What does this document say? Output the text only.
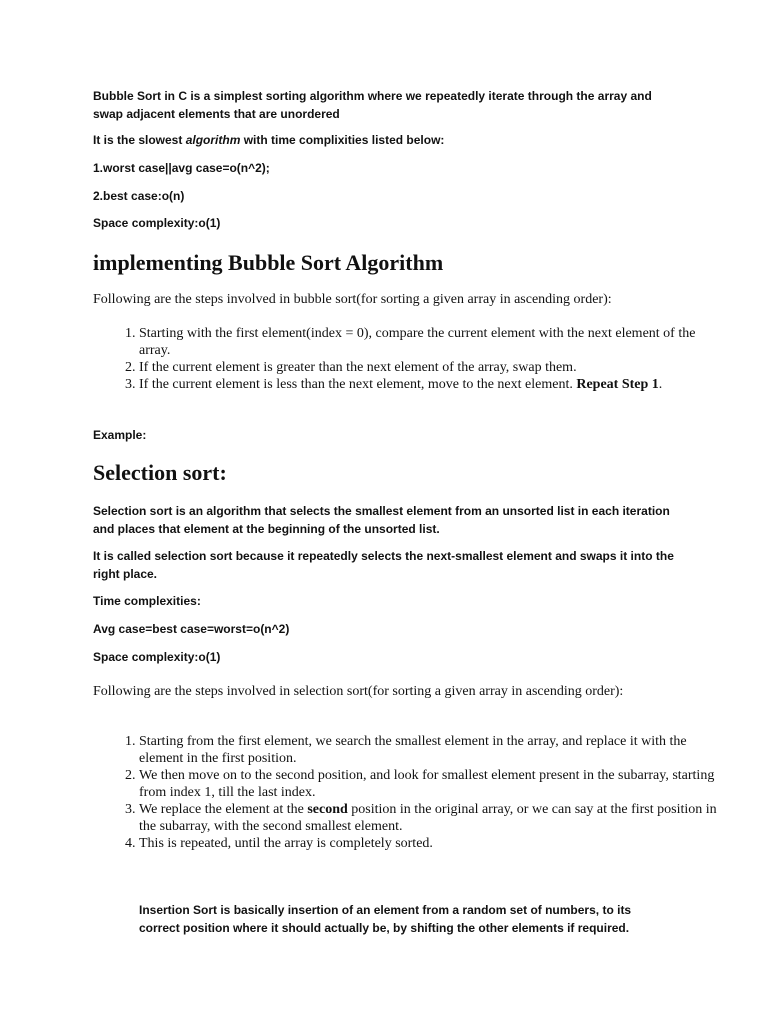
Bubble Sort in C is a simplest sorting algorithm where we repeatedly iterate through the array and swap adjacent elements that are unordered

It is the slowest algorithm with time complixities listed below:

1.worst case||avg case=o(n^2);

2.best case:o(n)

Space complexity:o(1)

implementing Bubble Sort Algorithm

Following are the steps involved in bubble sort(for sorting a given array in ascending order):

1. Starting with the first element(index = 0), compare the current element with the next element of the array.
2. If the current element is greater than the next element of the array, swap them.
3. If the current element is less than the next element, move to the next element. Repeat Step 1.

Example:

Selection sort:

Selection sort is an algorithm that selects the smallest element from an unsorted list in each iteration and places that element at the beginning of the unsorted list.

It is called selection sort because it repeatedly selects the next-smallest element and swaps it into the right place.

Time complexities:

Avg case=best case=worst=o(n^2)

Space complexity:o(1)

Following are the steps involved in selection sort(for sorting a given array in ascending order):

1. Starting from the first element, we search the smallest element in the array, and replace it with the element in the first position.
2. We then move on to the second position, and look for smallest element present in the subarray, starting from index 1, till the last index.
3. We replace the element at the second position in the original array, or we can say at the first position in the subarray, with the second smallest element.
4. This is repeated, until the array is completely sorted.

Insertion Sort is basically insertion of an element from a random set of numbers, to its correct position where it should actually be, by shifting the other elements if required.
